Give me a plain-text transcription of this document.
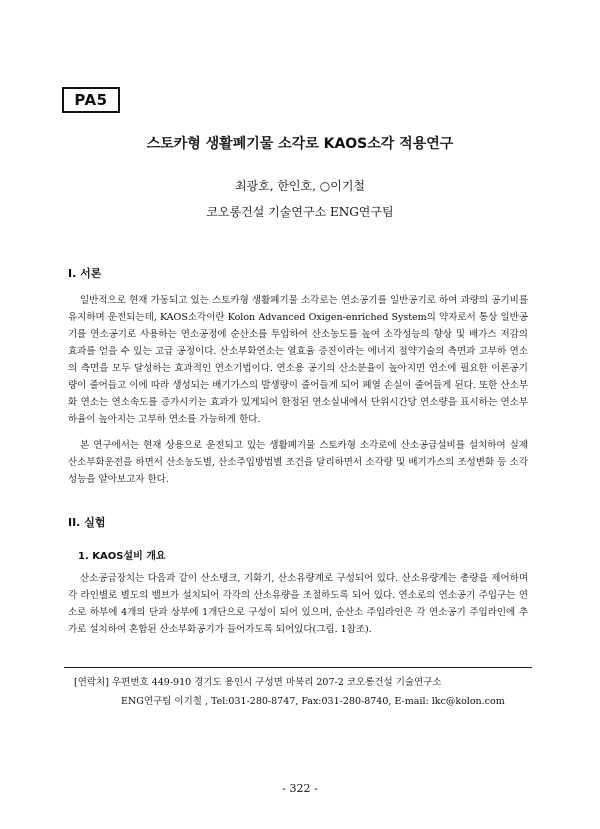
PA5
스토카형 생활폐기물 소각로 KAOS소각 적용연구
최광호, 한인호, ○이기철
코오롱건설 기술연구소 ENG연구팀
I. 서론

일반적으로 현재 가동되고 있는 스토카형 생활폐기물 소각로는 연소공기를 일반공기로 하여 과량의 공기비를 유지하며 운전되는데, KAOS소각이란 Kolon Advanced Oxigen-enriched System의 약자로서 통상 일반공기를 연소공기로 사용하는 연소공정에 순산소를 투입하여 산소농도를 높여 소각성능의 향상 및 배가스 저감의 효과를 얻을 수 있는 고급 공정이다. 산소부화연소는 열효율 증진이라는 에너지 절약기술의 측면과 고부하 연소의 측면을 모두 달성하는 효과적인 연소기법이다. 연소용 공기의 산소분율이 높아지면 연소에 필요한 이론공기량이 줄어들고 이에 따라 생성되는 배기가스의 발생량이 줄어들게 되어 폐열 손실이 줄어들게 된다. 또한 산소부화 연소는 연소속도를 증가시키는 효과가 있게되어 한정된 연소실내에서 단위시간당 연소량을 표시하는 연소부하율이 높아지는 고부하 연소를 가능하게 한다.

본 연구에서는 현재 상용으로 운전되고 있는 생활폐기물 스토카형 소각로에 산소공급설비를 설치하여 실제 산소부화운전을 하면서 산소농도별, 산소주입방법별 조건을 달리하면서 소각량 및 배기가스의 조성변화 등 소각성능을 알아보고자 한다.

II. 실험
1. KAOS설비 개요

산소공급장치는 다음과 같이 산소탱크, 기화기, 산소유량계로 구성되어 있다. 산소유량계는 총량을 제어하며 각 라인별로 별도의 밸브가 설치되어 각각의 산소유량을 조절하도록 되어 있다. 연소로의 연소공기 주입구는 연소로 하부에 4개의 단과 상부에 1개단으로 구성이 되어 있으며, 순산소 주입라인은 각 연소공기 주입라인에 추가로 설치하여 혼합된 산소부화공기가 들어가도록 되어있다(그림. 1참조).

[연락처] 우편번호 449-910 경기도 용인시 구성면 마북리 207-2 코오롱건설 기술연구소
ENG연구팀 이기철 , Tel:031-280-8747, Fax:031-280-8740, E-mail: lkc@kolon.com
- 322 -
